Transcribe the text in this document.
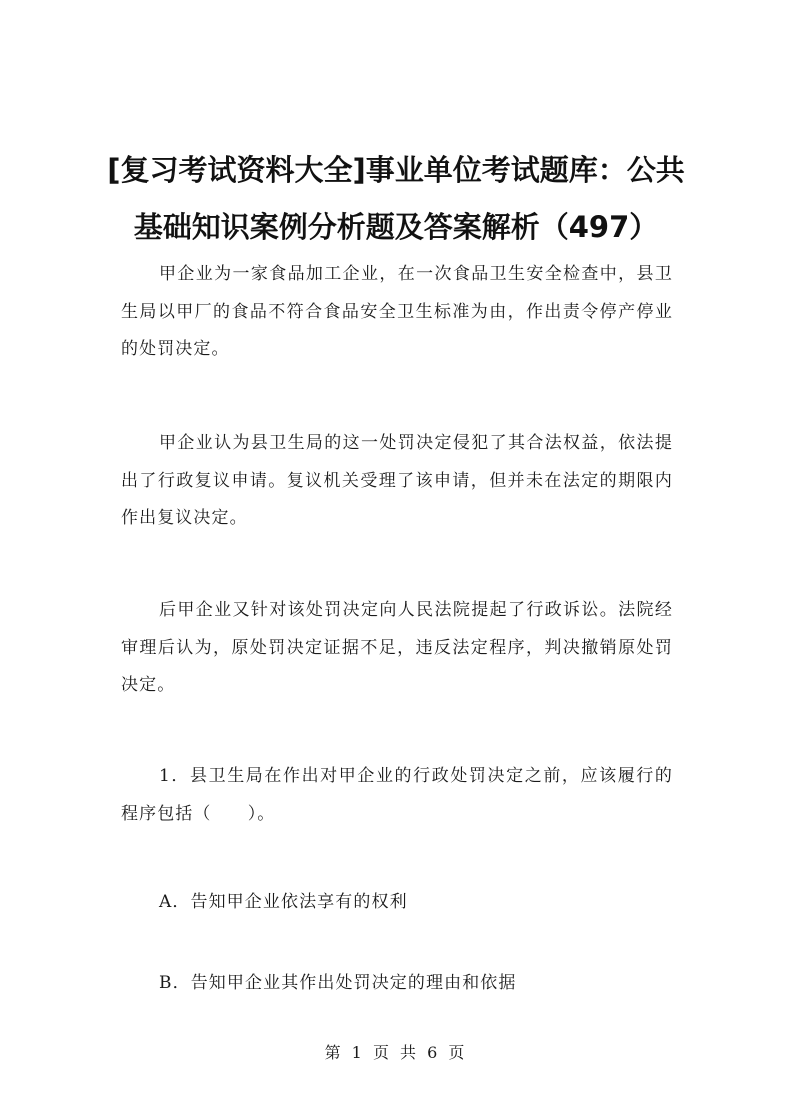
[复习考试资料大全]事业单位考试题库：公共基础知识案例分析题及答案解析（497）

甲企业为一家食品加工企业，在一次食品卫生安全检查中，县卫生局以甲厂的食品不符合食品安全卫生标准为由，作出责令停产停业的处罚决定。

甲企业认为县卫生局的这一处罚决定侵犯了其合法权益，依法提出了行政复议申请。复议机关受理了该申请，但并未在法定的期限内作出复议决定。

后甲企业又针对该处罚决定向人民法院提起了行政诉讼。法院经审理后认为，原处罚决定证据不足，违反法定程序，判决撤销原处罚决定。

1．县卫生局在作出对甲企业的行政处罚决定之前，应该履行的程序包括（　　）。

A．告知甲企业依法享有的权利

B．告知甲企业其作出处罚决定的理由和依据

第 1 页 共 6 页
